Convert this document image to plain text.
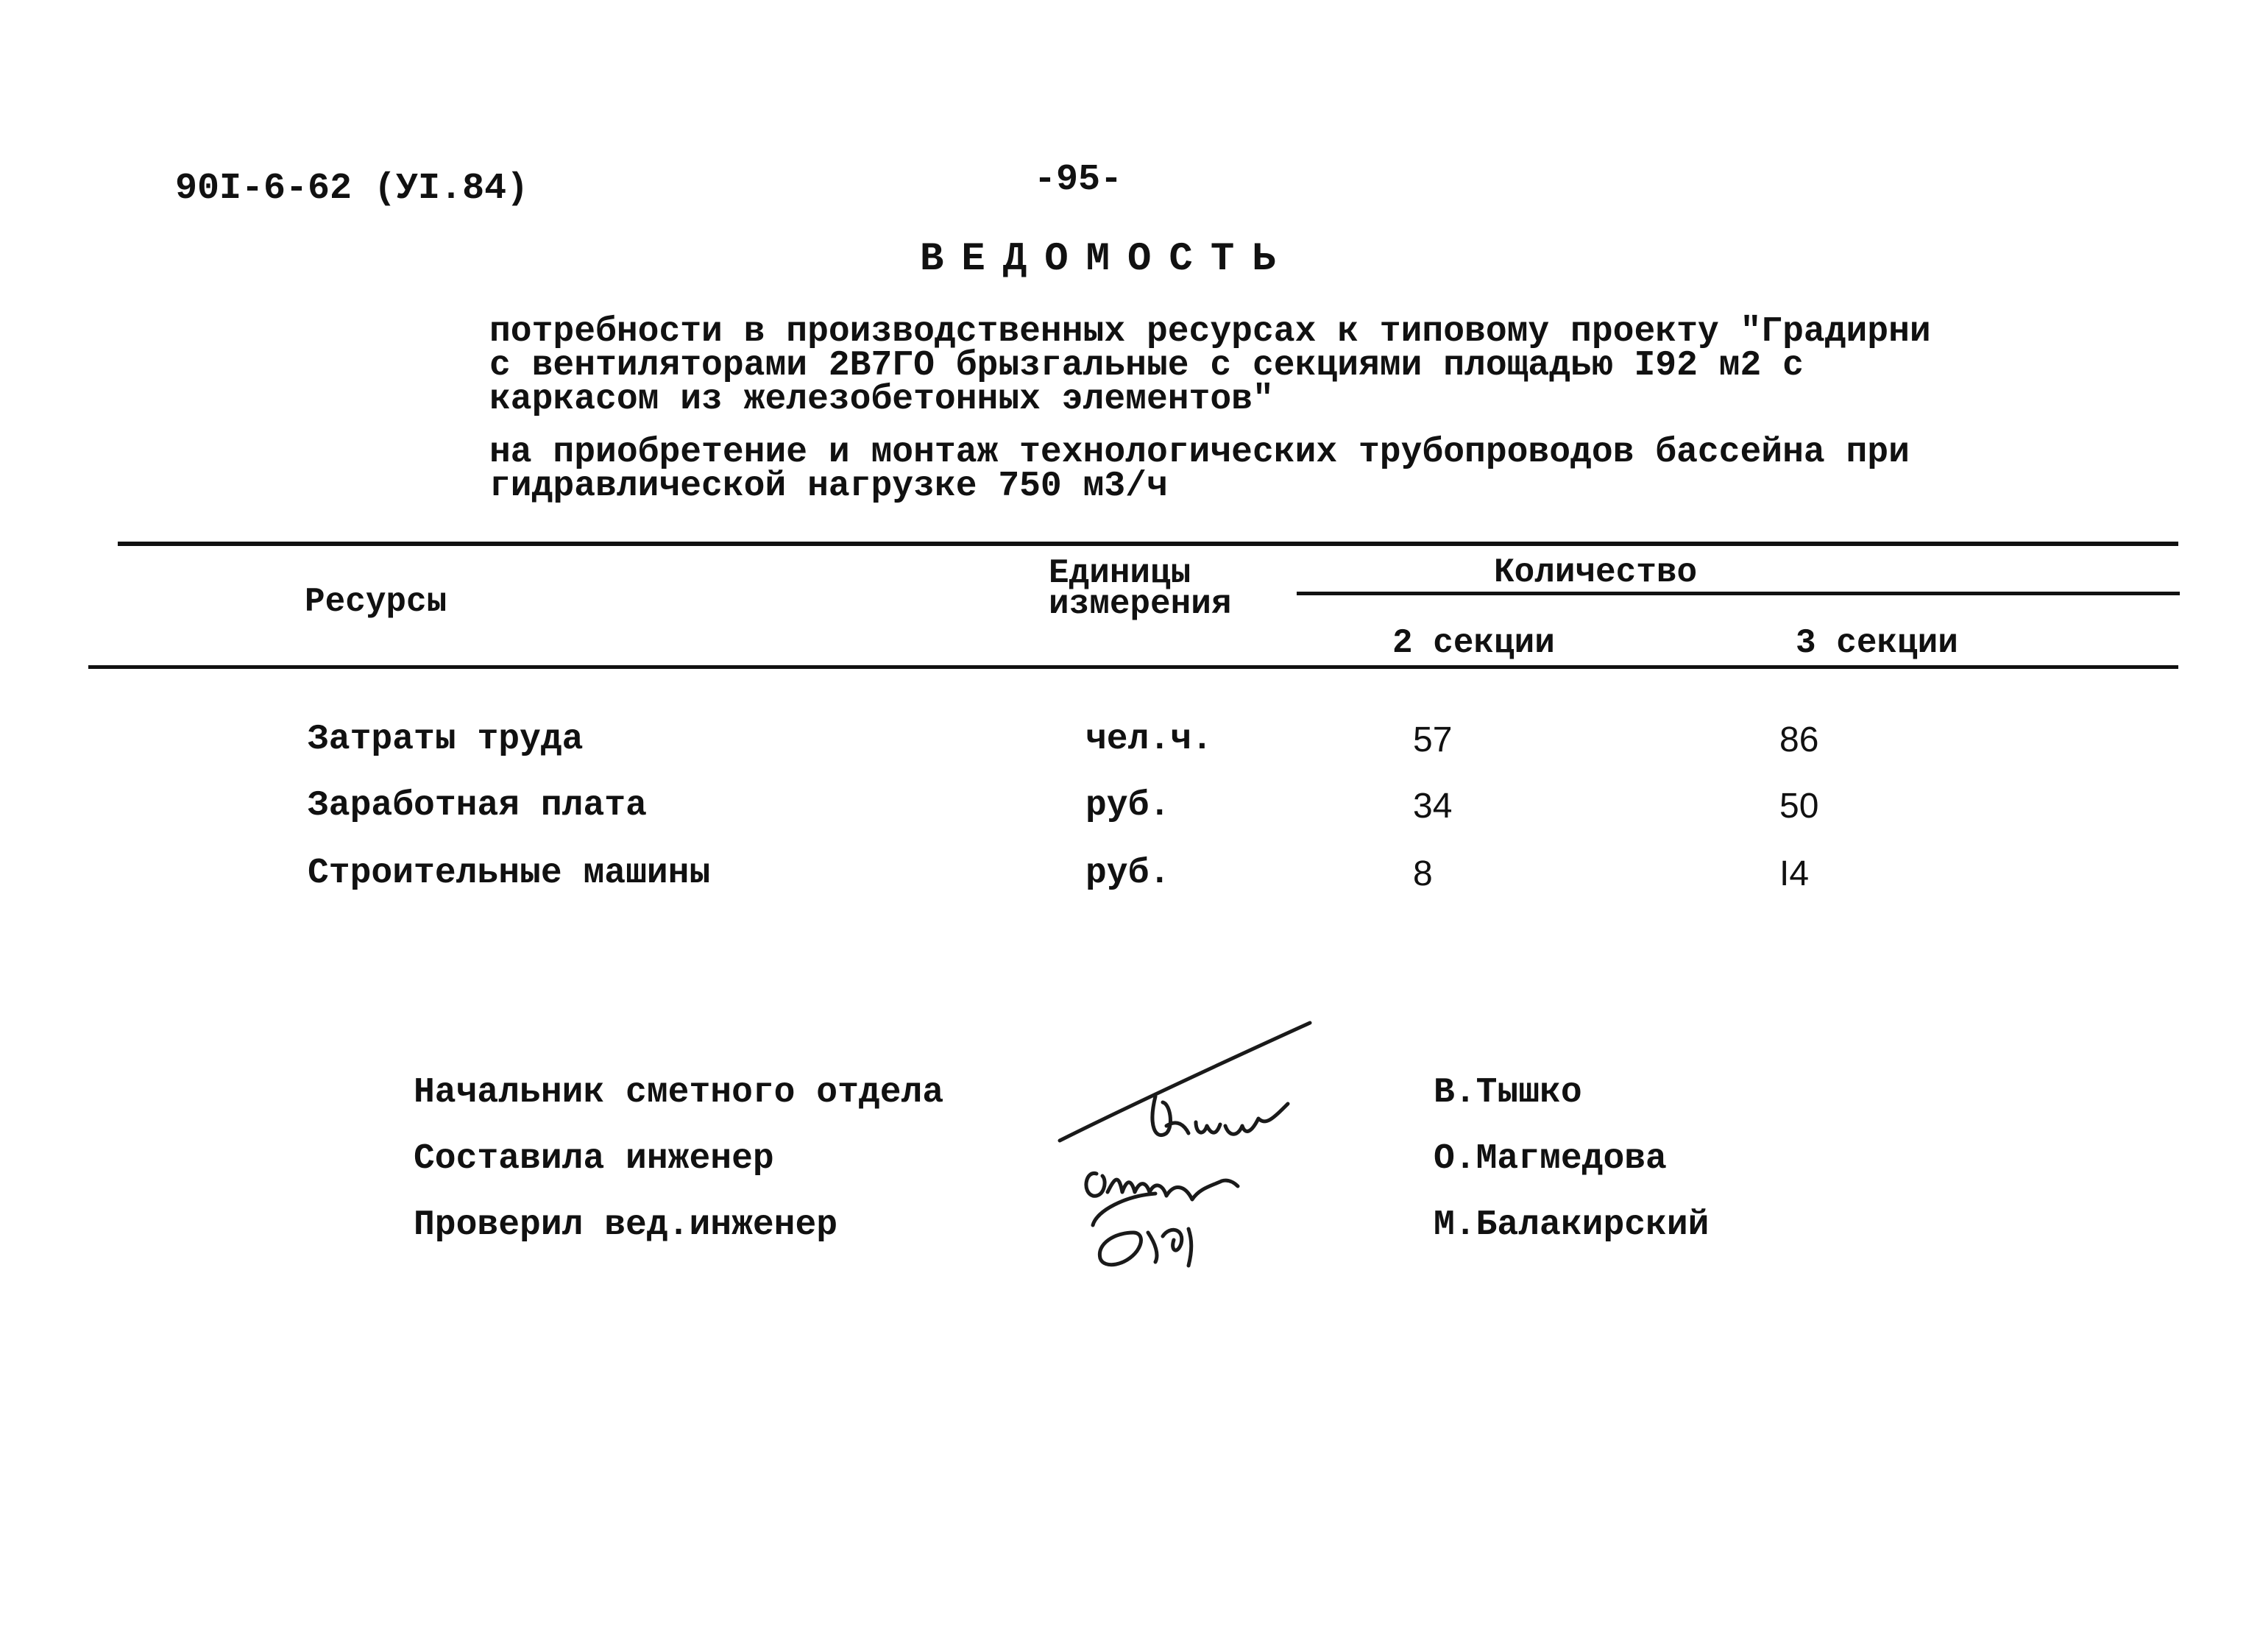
90I-6-62 (УI.84)	-95-
ВЕДОМОСТЬ
потребности в производственных ресурсах к типовому проекту "Градирни
с вентиляторами 2В7ГО брызгальные с секциями площадью I92 м2 с
каркасом из железобетонных элементов"
на приобретение и монтаж технологических трубопроводов бассейна при
гидравлической нагрузке 750 м3/ч
Ресурсы
Единицы
измерения
Количество
2 секции	3 секции
Затраты труда	чел.ч.	57	86
Заработная плата	руб.	34	50
Строительные машины	руб.	8	I4
Начальник сметного отдела	В.Тышко
Составила инженер	О.Магмедова
Проверил вед.инженер	М.Балакирский
